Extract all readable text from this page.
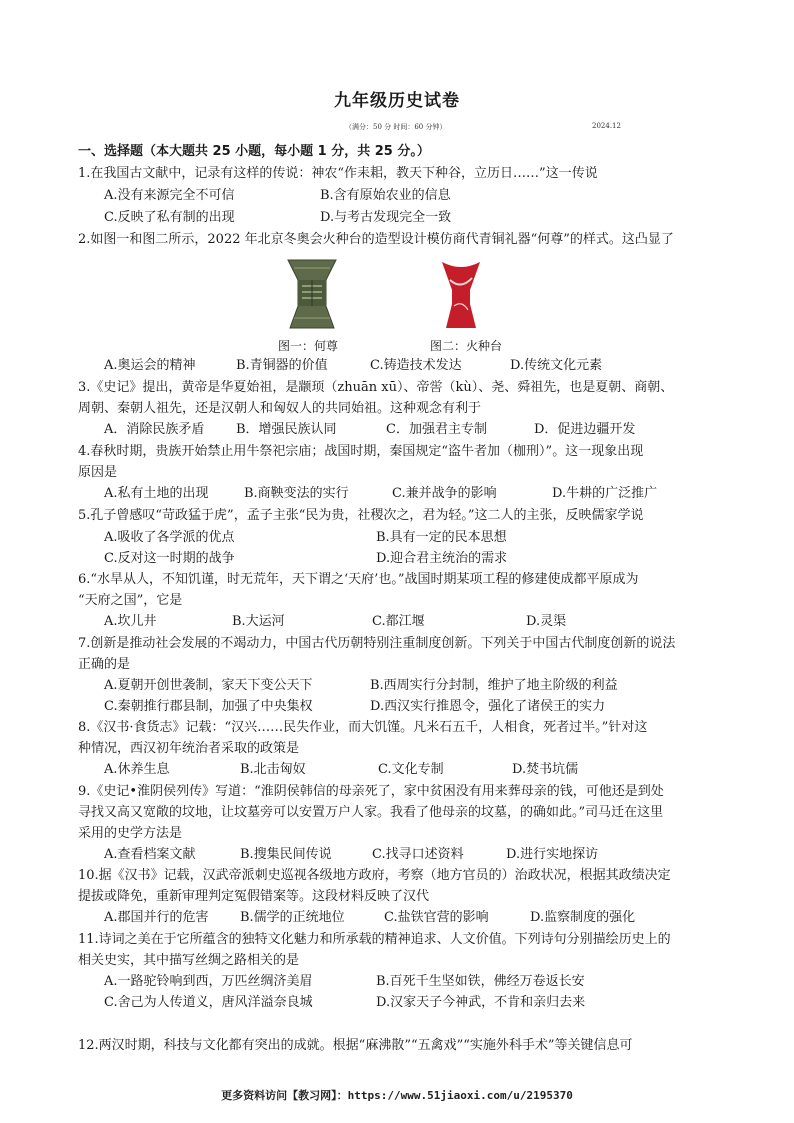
九年级历史试卷
（满分：50 分 时间：60 分钟）	2024.12
一、选择题（本大题共 25 小题，每小题 1 分，共 25 分。）
1.在我国古文献中，记录有这样的传说：神农“作耒耜，教天下种谷，立历日……”这一传说
A.没有来源完全不可信	B.含有原始农业的信息
C.反映了私有制的出现	D.与考古发现完全一致
2.如图一和图二所示，2022 年北京冬奥会火种台的造型设计模仿商代青铜礼器“何尊”的样式。这凸显了
图一：何尊	图二：火种台
A.奥运会的精神	B.青铜器的价值	C.铸造技术发达	D.传统文化元素
3.《史记》提出，黄帝是华夏始祖，是颛顼（zhuān xū）、帝喾（kù）、尧、舜祖先，也是夏朝、商朝、
周朝、秦朝人祖先，还是汉朝人和匈奴人的共同始祖。这种观念有利于
A．消除民族矛盾 B．增强民族认同	C．加强君主专制	D．促进边疆开发
4.春秋时期，贵族开始禁止用牛祭祀宗庙；战国时期，秦国规定“盗牛者加（枷刑）”。这一现象出现
原因是
A.私有土地的出现	B.商鞅变法的实行	C.兼并战争的影响	D.牛耕的广泛推广
5.孔子曾感叹“苛政猛于虎”，孟子主张“民为贵，社稷次之，君为轻。”这二人的主张，反映儒家学说
A.吸收了各学派的优点	B.具有一定的民本思想
C.反对这一时期的战争	D.迎合君主统治的需求
6.“水旱从人，不知饥谨，时无荒年，天下谓之‘天府’也。”战国时期某项工程的修建使成都平原成为
“天府之国”，它是
A.坎儿井	B.大运河	C.都江堰	D.灵渠
7.创新是推动社会发展的不竭动力，中国古代历朝特别注重制度创新。下列关于中国古代制度创新的说法
正确的是
A.夏朝开创世袭制，家天下变公天下	B.西周实行分封制，维护了地主阶级的利益
C.秦朝推行郡县制，加强了中央集权	D.西汉实行推恩令，强化了诸侯王的实力
8.《汉书·食货志》记载：“汉兴……民失作业，而大饥馑。凡米石五千，人相食，死者过半。”针对这
种情况，西汉初年统治者采取的政策是
A.休养生息	B.北击匈奴	C.文化专制	D.焚书坑儒
9.《史记•淮阴侯列传》写道：“淮阴侯韩信的母亲死了，家中贫困没有用来葬母亲的钱，可他还是到处
寻找又高又宽敞的坟地，让坟墓旁可以安置万户人家。我看了他母亲的坟墓，的确如此。”司马迁在这里
采用的史学方法是
A.查看档案文献	B.搜集民间传说	C.找寻口述资料	D.进行实地探访
10.据《汉书》记载，汉武帝派刺史巡视各级地方政府，考察（地方官员的）治政状况，根据其政绩决定
提拔或降免，重新审理判定冤假错案等。这段材料反映了汉代
A.郡国并行的危害 B.儒学的正统地位	C.盐铁官营的影响	D.监察制度的强化
11.诗词之美在于它所蕴含的独特文化魅力和所承载的精神追求、人文价值。下列诗句分别描绘历史上的
相关史实，其中描写丝绸之路相关的是
A.一路驼铃响到西，万匹丝绸济美眉	B.百死千生坚如铁，佛经万卷返长安
C.舍己为人传道义，唐风洋溢奈良城	D.汉家天子今神武，不肯和亲归去来
12.两汉时期，科技与文化都有突出的成就。根据“麻沸散”“五禽戏”“实施外科手术”等关键信息可
更多资料访问【教习网】：https://www.51jiaoxi.com/u/2195370
